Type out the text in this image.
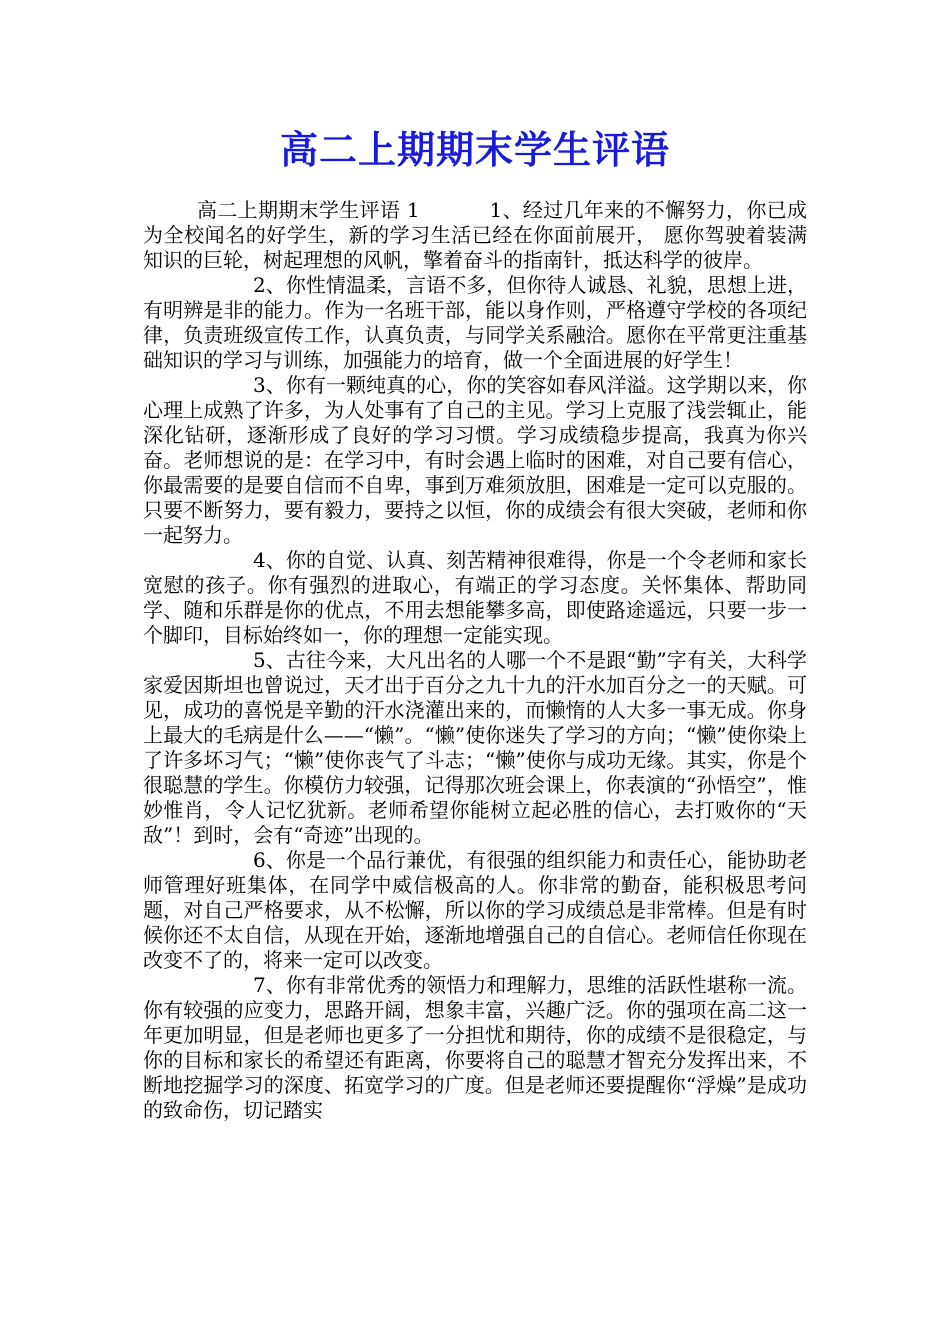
高二上期期末学生评语

高二上期期末学生评语 1	1、经过几年来的不懈努力，你已成为全校闻名的好学生，新的学习生活已经在你面前展开， 愿你驾驶着装满知识的巨轮，树起理想的风帆，擎着奋斗的指南针，抵达科学的彼岸。

2、你性情温柔，言语不多，但你待人诚恳、礼貌，思想上进，有明辨是非的能力。作为一名班干部，能以身作则，严格遵守学校的各项纪律，负责班级宣传工作，认真负责，与同学关系融洽。愿你在平常更注重基础知识的学习与训练，加强能力的培育，做一个全面进展的好学生！

3、你有一颗纯真的心，你的笑容如春风洋溢。这学期以来，你心理上成熟了许多，为人处事有了自己的主见。学习上克服了浅尝辄止，能深化钻研，逐渐形成了良好的学习习惯。学习成绩稳步提高，我真为你兴奋。老师想说的是：在学习中，有时会遇上临时的困难，对自己要有信心，你最需要的是要自信而不自卑，事到万难须放胆，困难是一定可以克服的。只要不断努力，要有毅力，要持之以恒，你的成绩会有很大突破，老师和你一起努力。

4、你的自觉、认真、刻苦精神很难得，你是一个令老师和家长宽慰的孩子。你有强烈的进取心，有端正的学习态度。关怀集体、帮助同学、随和乐群是你的优点，不用去想能攀多高，即使路途遥远，只要一步一个脚印，目标始终如一，你的理想一定能实现。

5、古往今来，大凡出名的人哪一个不是跟“勤”字有关，大科学家爱因斯坦也曾说过，天才出于百分之九十九的汗水加百分之一的天赋。可见，成功的喜悦是辛勤的汗水浇灌出来的，而懒惰的人大多一事无成。你身上最大的毛病是什么——“懒”。“懒”使你迷失了学习的方向；“懒”使你染上了许多坏习气；“懒”使你丧气了斗志；“懒”使你与成功无缘。其实，你是个很聪慧的学生。你模仿力较强，记得那次班会课上，你表演的“孙悟空”，惟妙惟肖，令人记忆犹新。老师希望你能树立起必胜的信心，去打败你的“天敌”！到时，会有“奇迹”出现的。

6、你是一个品行兼优，有很强的组织能力和责任心，能协助老师管理好班集体，在同学中威信极高的人。你非常的勤奋，能积极思考问题，对自己严格要求，从不松懈，所以你的学习成绩总是非常棒。但是有时候你还不太自信，从现在开始，逐渐地增强自己的自信心。老师信任你现在改变不了的，将来一定可以改变。

7、你有非常优秀的领悟力和理解力，思维的活跃性堪称一流。你有较强的应变力，思路开阔，想象丰富，兴趣广泛。你的强项在高二这一年更加明显，但是老师也更多了一分担忧和期待，你的成绩不是很稳定，与你的目标和家长的希望还有距离，你要将自己的聪慧才智充分发挥出来，不断地挖掘学习的深度、拓宽学习的广度。但是老师还要提醒你“浮燥”是成功的致命伤，切记踏实
